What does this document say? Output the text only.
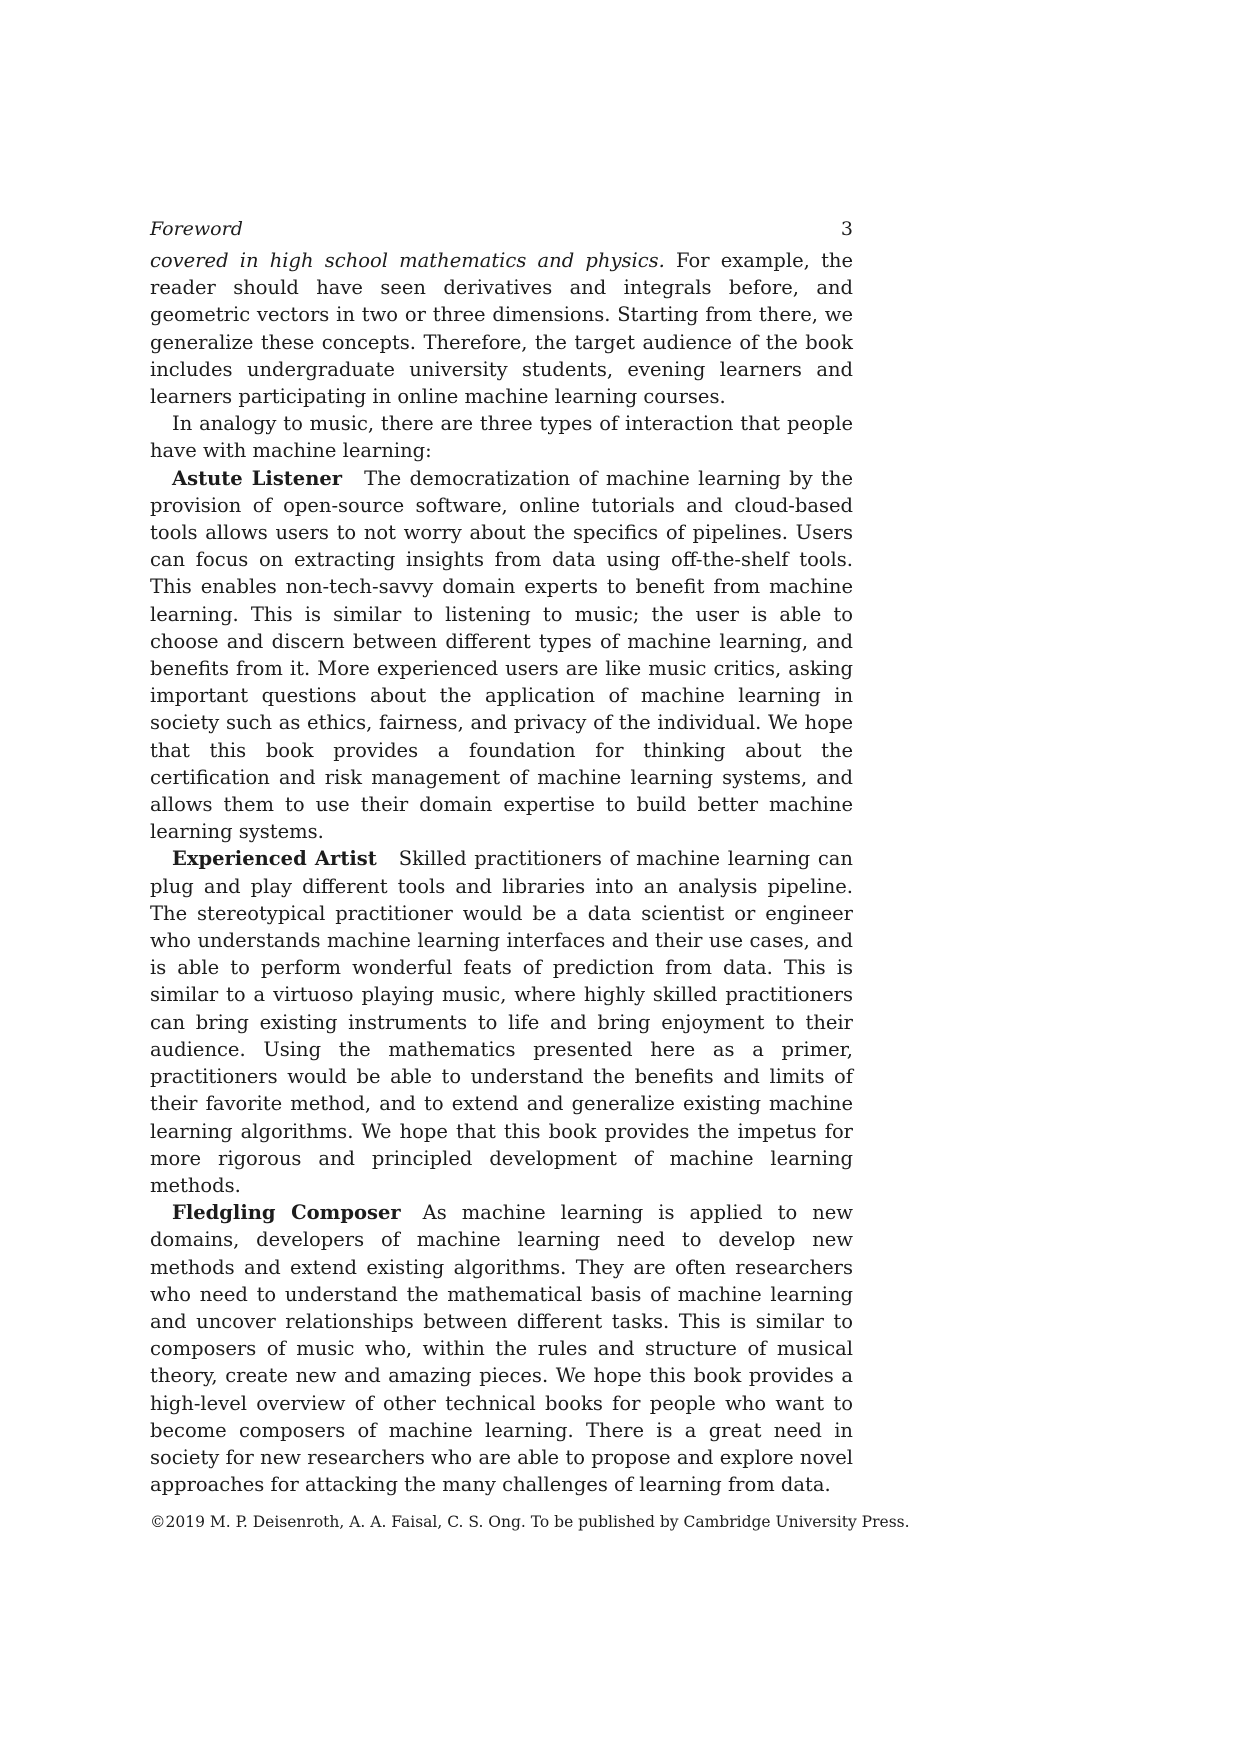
Foreword	3

covered in high school mathematics and physics. For example, the reader should have seen derivatives and integrals before, and geometric vectors in two or three dimensions. Starting from there, we generalize these concepts. Therefore, the target audience of the book includes undergraduate university students, evening learners and learners participating in online machine learning courses.

In analogy to music, there are three types of interaction that people have with machine learning:

Astute Listener The democratization of machine learning by the provision of open-source software, online tutorials and cloud-based tools allows users to not worry about the specifics of pipelines. Users can focus on extracting insights from data using off-the-shelf tools. This enables non-tech-savvy domain experts to benefit from machine learning. This is similar to listening to music; the user is able to choose and discern between different types of machine learning, and benefits from it. More experienced users are like music critics, asking important questions about the application of machine learning in society such as ethics, fairness, and privacy of the individual. We hope that this book provides a foundation for thinking about the certification and risk management of machine learning systems, and allows them to use their domain expertise to build better machine learning systems.

Experienced Artist Skilled practitioners of machine learning can plug and play different tools and libraries into an analysis pipeline. The stereotypical practitioner would be a data scientist or engineer who understands machine learning interfaces and their use cases, and is able to perform wonderful feats of prediction from data. This is similar to a virtuoso playing music, where highly skilled practitioners can bring existing instruments to life and bring enjoyment to their audience. Using the mathematics presented here as a primer, practitioners would be able to understand the benefits and limits of their favorite method, and to extend and generalize existing machine learning algorithms. We hope that this book provides the impetus for more rigorous and principled development of machine learning methods.

Fledgling Composer As machine learning is applied to new domains, developers of machine learning need to develop new methods and extend existing algorithms. They are often researchers who need to understand the mathematical basis of machine learning and uncover relationships between different tasks. This is similar to composers of music who, within the rules and structure of musical theory, create new and amazing pieces. We hope this book provides a high-level overview of other technical books for people who want to become composers of machine learning. There is a great need in society for new researchers who are able to propose and explore novel approaches for attacking the many challenges of learning from data.

©2019 M. P. Deisenroth, A. A. Faisal, C. S. Ong. To be published by Cambridge University Press.
